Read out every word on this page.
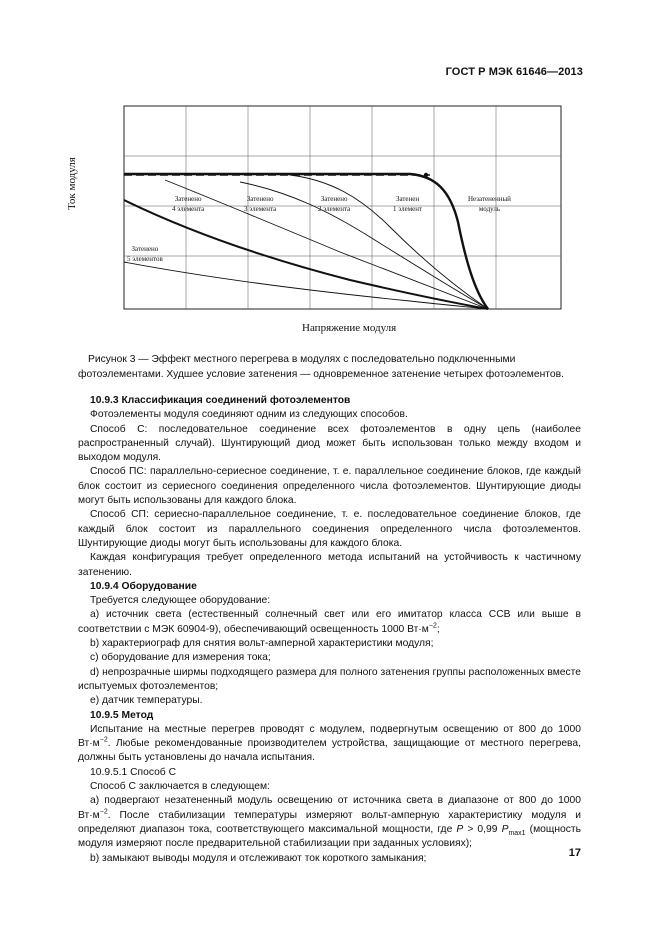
ГОСТ Р МЭК 61646—2013
Затенено
4 элемента
Затенено
3 элемента
Затенено
2 элемента
Затенен
1 элемент
Незатененный
модуль
Затенено
5 элементов
Ток модуля
Напряжение модуля
Рисунок 3 — Эффект местного перегрева в модулях с последовательно подключенными фотоэлементами. Худшее условие затенения — одновременное затенение четырех фотоэлементов.

10.9.3 Классификация соединений фотоэлементов

Фотоэлементы модуля соединяют одним из следующих способов.

Способ С: последовательное соединение всех фотоэлементов в одну цепь (наиболее распространенный случай). Шунтирующий диод может быть использован только между входом и выходом модуля.

Способ ПС: параллельно-сериесное соединение, т. е. параллельное соединение блоков, где каждый блок состоит из сериесного соединения определенного числа фотоэлементов. Шунтирующие диоды могут быть использованы для каждого блока.

Способ СП: сериесно-параллельное соединение, т. е. последовательное соединение блоков, где каждый блок состоит из параллельного соединения определенного числа фотоэлементов. Шунтирующие диоды могут быть использованы для каждого блока.

Каждая конфигурация требует определенного метода испытаний на устойчивость к частичному затенению.

10.9.4 Оборудование

Требуется следующее оборудование:

а) источник света (естественный солнечный свет или его имитатор класса ССВ или выше в соответствии с МЭК 60904-9), обеспечивающий освещенность 1000 $Вт\cdot м^{-2}$;

b) характериограф для снятия вольт-амперной характеристики модуля;

с) оборудование для измерения тока;

d) непрозрачные ширмы подходящего размера для полного затенения группы расположенных вместе испытуемых фотоэлементов;

е) датчик температуры.

10.9.5 Метод

Испытание на местные перегрев проводят с модулем, подвергнутым освещению от 800 до 1000 $Вт\cdot м^{-2}$. Любые рекомендованные производителем устройства, защищающие от местного перегрева, должны быть установлены до начала испытания.

10.9.5.1 Способ С

Способ С заключается в следующем:

а) подвергают незатененный модуль освещению от источника света в диапазоне от 800 до 1000 $Вт\cdot м^{-2}$. После стабилизации температуры измеряют вольт-амперную характеристику модуля и определяют диапазон тока, соответствующего максимальной мощности, где P > 0,99 $P_{max1}$ (мощность модуля измеряют после предварительной стабилизации при заданных условиях);

b) замыкают выводы модуля и отслеживают ток короткого замыкания;	17
